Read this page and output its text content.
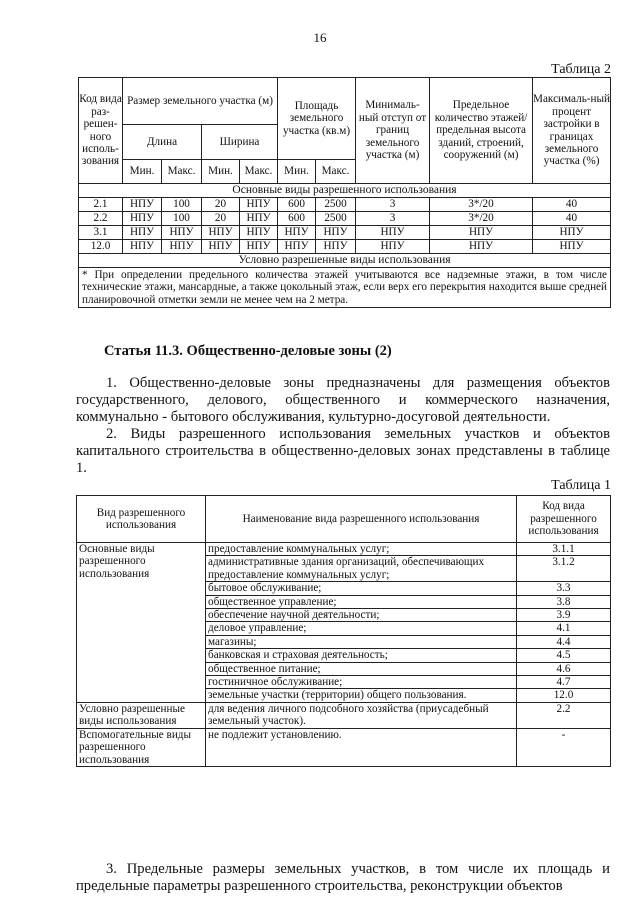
16
Таблица 2
Код вида раз-решен-ного исполь-зования	Размер земельного участка (м)				Площадь земельного участка (кв.м)		Минималь-ный отступ от границ земельного участка (м)	Предельное количество этажей/ предельная высота зданий, строений, сооружений (м)	Максималь-ный процент застройки в границах земельного участка (%)
	Длина		Ширина						
	Мин.	Макс.	Мин.	Макс.	Мин.	Макс.			
Основные виды разрешенного использования									
2.1	НПУ	100	20	НПУ	600	2500	3	3*/20	40
2.2	НПУ	100	20	НПУ	600	2500	3	3*/20	40
3.1	НПУ	НПУ	НПУ	НПУ	НПУ	НПУ	НПУ	НПУ	НПУ
12.0	НПУ	НПУ	НПУ	НПУ	НПУ	НПУ	НПУ	НПУ	НПУ
Условно разрешенные виды использования									
* При определении предельного количества этажей учитываются все надземные этажи, в том числе технические этажи, мансардные, а также цокольный этаж, если верх его перекрытия находится выше средней планировочной отметки земли не менее чем на 2 метра.									
Статья 11.3. Общественно-деловые зоны (2)
1. Общественно-деловые зоны предназначены для размещения объектов государственного, делового, общественного и коммерческого назначения, коммунально - бытового обслуживания, культурно-досуговой деятельности.
2. Виды разрешенного использования земельных участков и объектов капитального строительства в общественно-деловых зонах представлены в таблице 1.
Таблица 1
Вид разрешенного использования	Наименование вида разрешенного использования	Код вида разрешенного использования
Основные виды разрешенного использования	предоставление коммунальных услуг;	3.1.1
	административные здания организаций, обеспечивающих предоставление коммунальных услуг;	3.1.2
	бытовое обслуживание;	3.3
	общественное управление;	3.8
	обеспечение научной деятельности;	3.9
	деловое управление;	4.1
	магазины;	4.4
	банковская и страховая деятельность;	4.5
	общественное питание;	4.6
	гостиничное обслуживание;	4.7
	земельные участки (территории) общего пользования.	12.0
Условно разрешенные виды использования	для ведения личного подсобного хозяйства (приусадебный земельный участок).	2.2
Вспомогательные виды разрешенного использования	не подлежит установлению.	-
3. Предельные размеры земельных участков, в том числе их площадь и предельные параметры разрешенного строительства, реконструкции объектов
